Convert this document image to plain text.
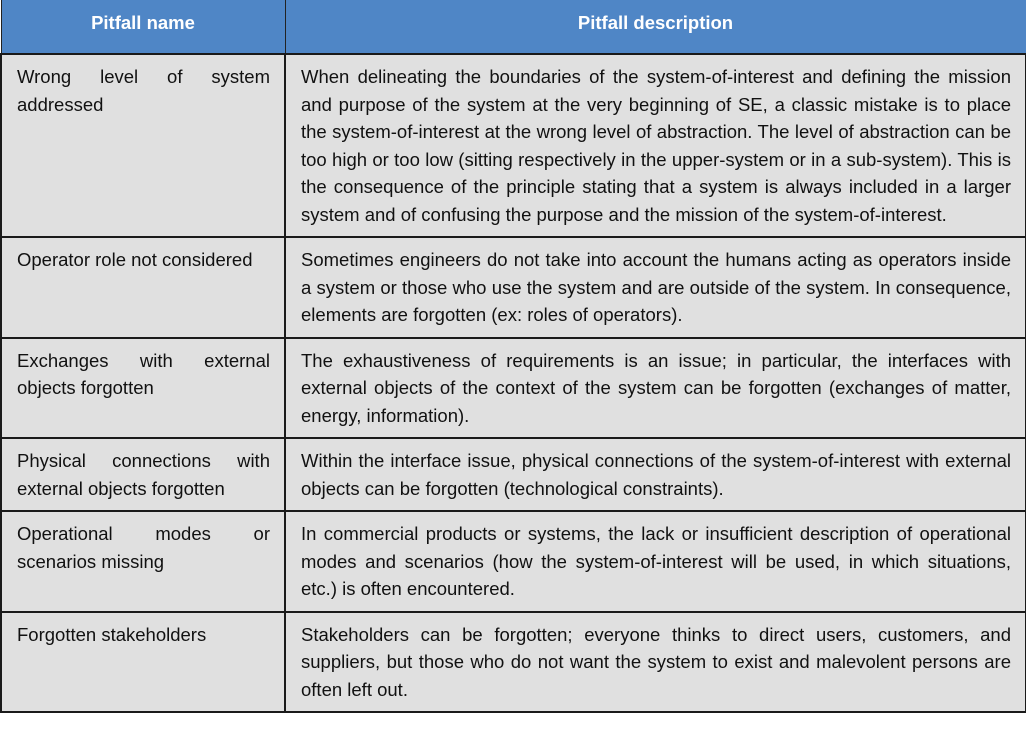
Pitfall name	Pitfall description
Wrong level of system addressed	When delineating the boundaries of the system-of-interest and defining the mission and purpose of the system at the very beginning of SE, a classic mistake is to place the system-of-interest at the wrong level of abstraction. The level of abstraction can be too high or too low (sitting respectively in the upper-system or in a sub-system). This is the consequence of the principle stating that a system is always included in a larger system and of confusing the purpose and the mission of the system-of-interest.
Operator role not considered	Sometimes engineers do not take into account the humans acting as operators inside a system or those who use the system and are outside of the system. In consequence, elements are forgotten (ex: roles of operators).
Exchanges with external objects forgotten	The exhaustiveness of requirements is an issue; in particular, the interfaces with external objects of the context of the system can be forgotten (exchanges of matter, energy, information).
Physical connections with external objects forgotten	Within the interface issue, physical connections of the system-of-interest with external objects can be forgotten (technological constraints).
Operational modes or scenarios missing	In commercial products or systems, the lack or insufficient description of operational modes and scenarios (how the system-of-interest will be used, in which situations, etc.) is often encountered.
Forgotten stakeholders	Stakeholders can be forgotten; everyone thinks to direct users, customers, and suppliers, but those who do not want the system to exist and malevolent persons are often left out.
